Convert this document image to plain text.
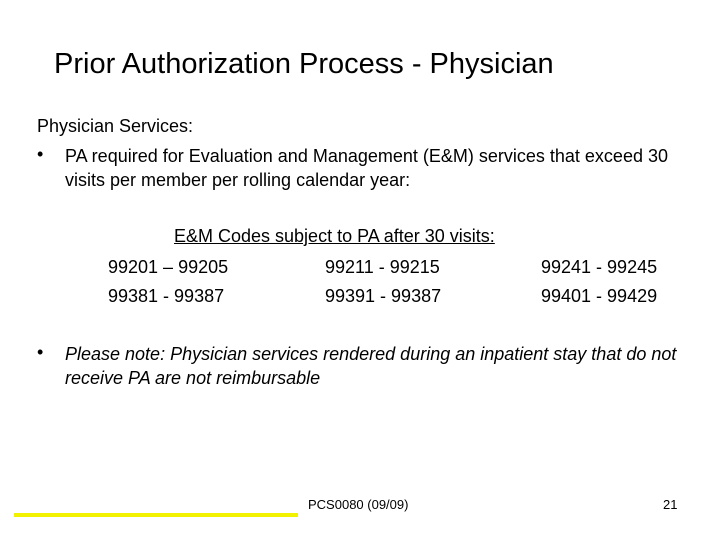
Prior Authorization Process - Physician
Physician Services:
• PA required for Evaluation and Management (E&M) services that exceed 30 visits per member per rolling calendar year:
E&M Codes subject to PA after 30 visits:
99201 – 99205	99211 - 99215	99241 - 99245
99381 - 99387	99391 - 99387	99401 - 99429
• Please note: Physician services rendered during an inpatient stay that do not receive PA are not reimbursable
PCS0080 (09/09)	21
